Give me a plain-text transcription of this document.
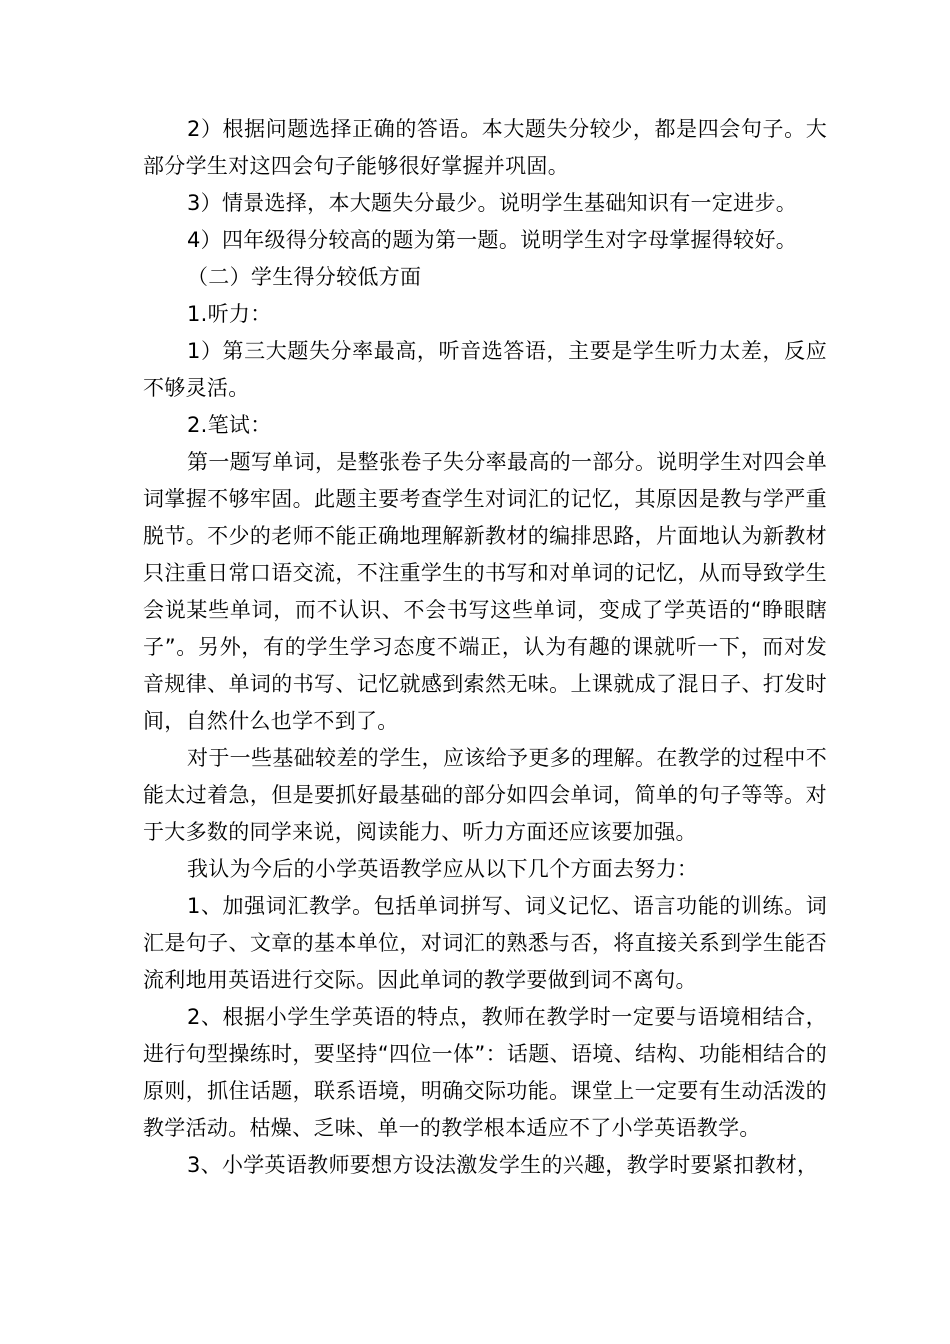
2）根据问题选择正确的答语。本大题失分较少，都是四会句子。大部分学生对这四会句子能够很好掌握并巩固。

3）情景选择，本大题失分最少。说明学生基础知识有一定进步。

4）四年级得分较高的题为第一题。说明学生对字母掌握得较好。

（二）学生得分较低方面

1.听力：

1）第三大题失分率最高，听音选答语，主要是学生听力太差，反应不够灵活。

2.笔试：

第一题写单词，是整张卷子失分率最高的一部分。说明学生对四会单词掌握不够牢固。此题主要考查学生对词汇的记忆，其原因是教与学严重脱节。不少的老师不能正确地理解新教材的编排思路，片面地认为新教材只注重日常口语交流，不注重学生的书写和对单词的记忆，从而导致学生会说某些单词，而不认识、不会书写这些单词，变成了学英语的“睁眼瞎子”。另外，有的学生学习态度不端正，认为有趣的课就听一下，而对发音规律、单词的书写、记忆就感到索然无味。上课就成了混日子、打发时间，自然什么也学不到了。

对于一些基础较差的学生，应该给予更多的理解。在教学的过程中不能太过着急，但是要抓好最基础的部分如四会单词，简单的句子等等。对于大多数的同学来说，阅读能力、听力方面还应该要加强。

我认为今后的小学英语教学应从以下几个方面去努力：

1、加强词汇教学。包括单词拼写、词义记忆、语言功能的训练。词汇是句子、文章的基本单位，对词汇的熟悉与否，将直接关系到学生能否流利地用英语进行交际。因此单词的教学要做到词不离句。

2、根据小学生学英语的特点，教师在教学时一定要与语境相结合，进行句型操练时，要坚持“四位一体”：话题、语境、结构、功能相结合的原则，抓住话题，联系语境，明确交际功能。课堂上一定要有生动活泼的教学活动。枯燥、乏味、单一的教学根本适应不了小学英语教学。

3、小学英语教师要想方设法激发学生的兴趣，教学时要紧扣教材，
